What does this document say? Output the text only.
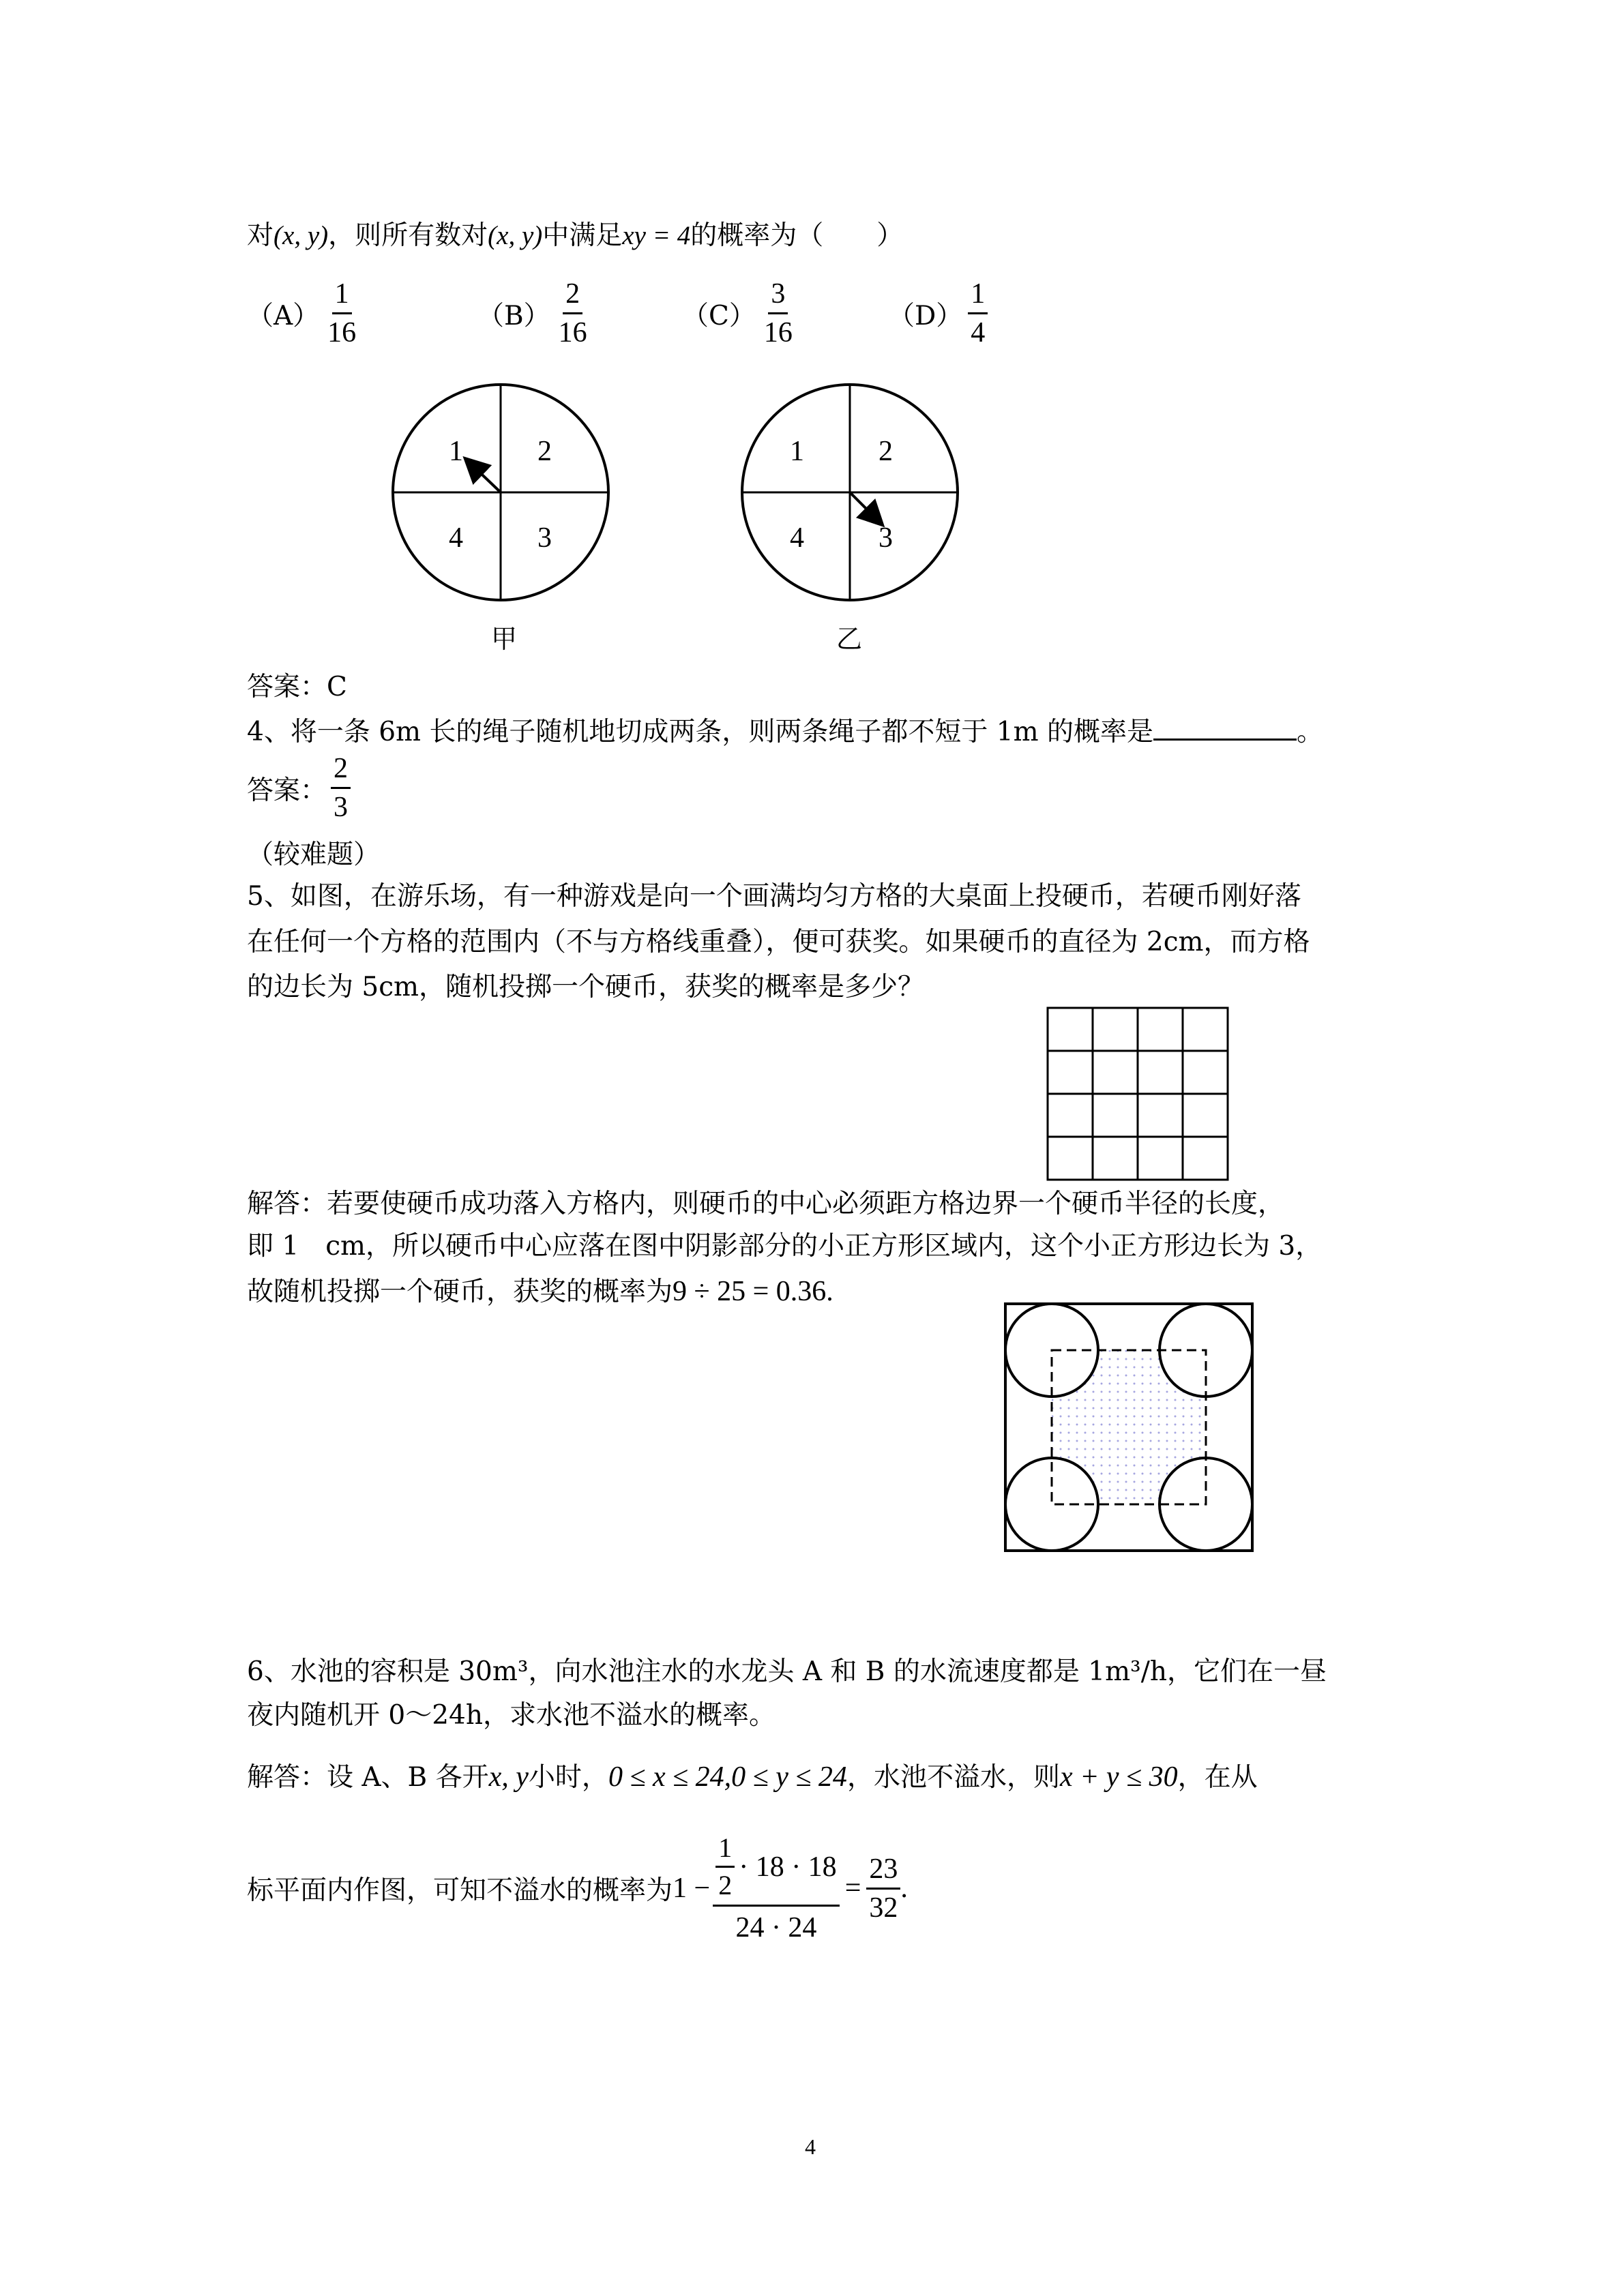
对(x, y)，则所有数对(x, y)中满足xy = 4的概率为（　　）
$(A) \frac{1}{16}$	$(B) \frac{2}{16}$	$(C) \frac{3}{16}$	$(D) \frac{1}{4}$
1	2
4	3
甲
1	2
4	3
乙
答案：C
4、将一条 6m 长的绳子随机地切成两条，则两条绳子都不短于 1m 的概率是	。
答案： $\frac{2}{3}$
（较难题）
5、如图，在游乐场，有一种游戏是向一个画满均匀方格的大桌面上投硬币，若硬币刚好落
在任何一个方格的范围内（不与方格线重叠），便可获奖。如果硬币的直径为 2cm，而方格
的边长为 5cm，随机投掷一个硬币，获奖的概率是多少？
解答：若要使硬币成功落入方格内，则硬币的中心必须距方格边界一个硬币半径的长度，
即 1　cm，所以硬币中心应落在图中阴影部分的小正方形区域内，这个小正方形边长为 3，
故随机投掷一个硬币，获奖的概率为9 ÷ 25 = 0.36.
6、水池的容积是 30m³，向水池注水的水龙头 A 和 B 的水流速度都是 1m³/h，它们在一昼
夜内随机开 0～24h，求水池不溢水的概率。
解答：设 A、B 各开x, y小时，0 ≤ x ≤ 24,0 ≤ y ≤ 24，水池不溢水，则x + y ≤ 30，在从
标平面内作图，可知不溢水的概率为 $1 - \frac{\frac{1}{2} \cdot 18 \cdot 18}{24 \cdot 24} = \frac{23}{32}$ .
4
